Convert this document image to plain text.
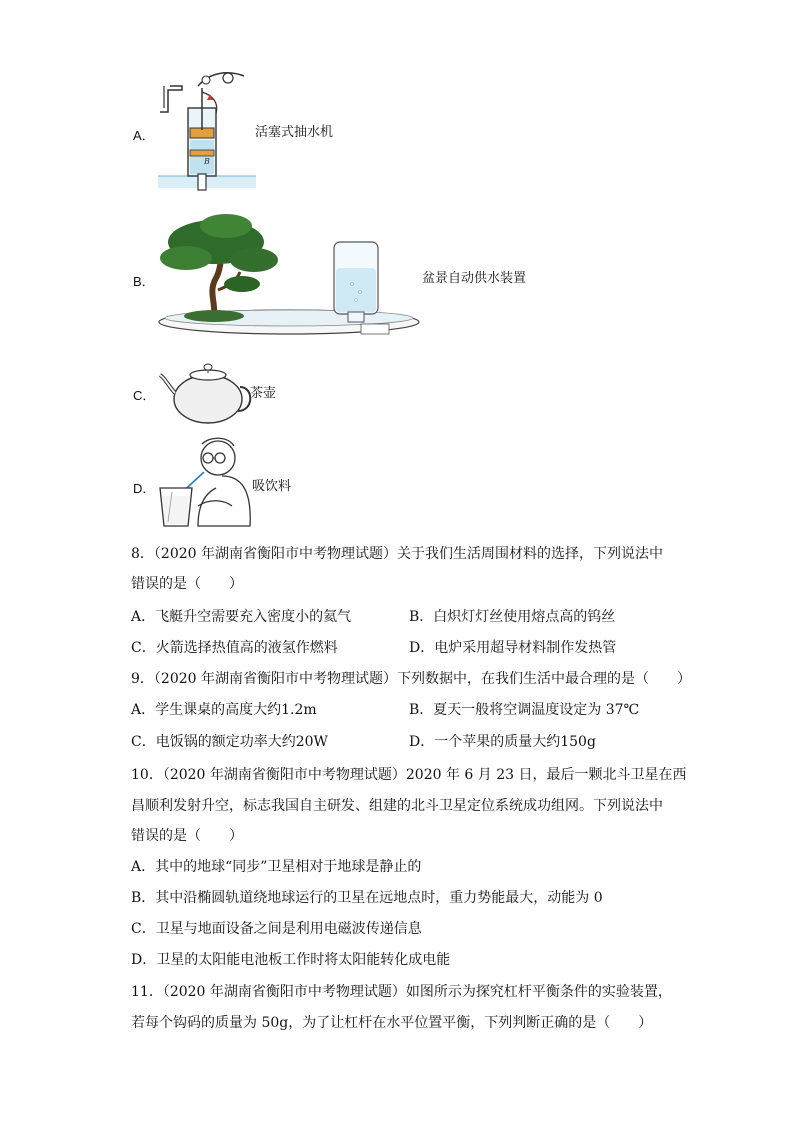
A．
B
活塞式抽水机
B．	盆景自动供水装置
C．	茶壶
D．	吸饮料
8．（2020 年湖南省衡阳市中考物理试题）关于我们生活周围材料的选择，下列说法中
错误的是（　　）
A．飞艇升空需要充入密度小的氦气	B．白炽灯灯丝使用熔点高的钨丝
C．火箭选择热值高的液氢作燃料	D．电炉采用超导材料制作发热管
9．（2020 年湖南省衡阳市中考物理试题）下列数据中，在我们生活中最合理的是（　　）
A．学生课桌的高度大约1.2m	B．夏天一般将空调温度设定为 37℃
C．电饭锅的额定功率大约20W	D．一个苹果的质量大约150g
10．（2020 年湖南省衡阳市中考物理试题）2020 年 6 月 23 日，最后一颗北斗卫星在西
昌顺利发射升空，标志我国自主研发、组建的北斗卫星定位系统成功组网。下列说法中
错误的是（　　）
A．其中的地球“同步”卫星相对于地球是静止的
B．其中沿椭圆轨道绕地球运行的卫星在远地点时，重力势能最大，动能为 0
C．卫星与地面设备之间是利用电磁波传递信息
D．卫星的太阳能电池板工作时将太阳能转化成电能
11．（2020 年湖南省衡阳市中考物理试题）如图所示为探究杠杆平衡条件的实验装置，
若每个钩码的质量为 50g，为了让杠杆在水平位置平衡，下列判断正确的是（　　）
